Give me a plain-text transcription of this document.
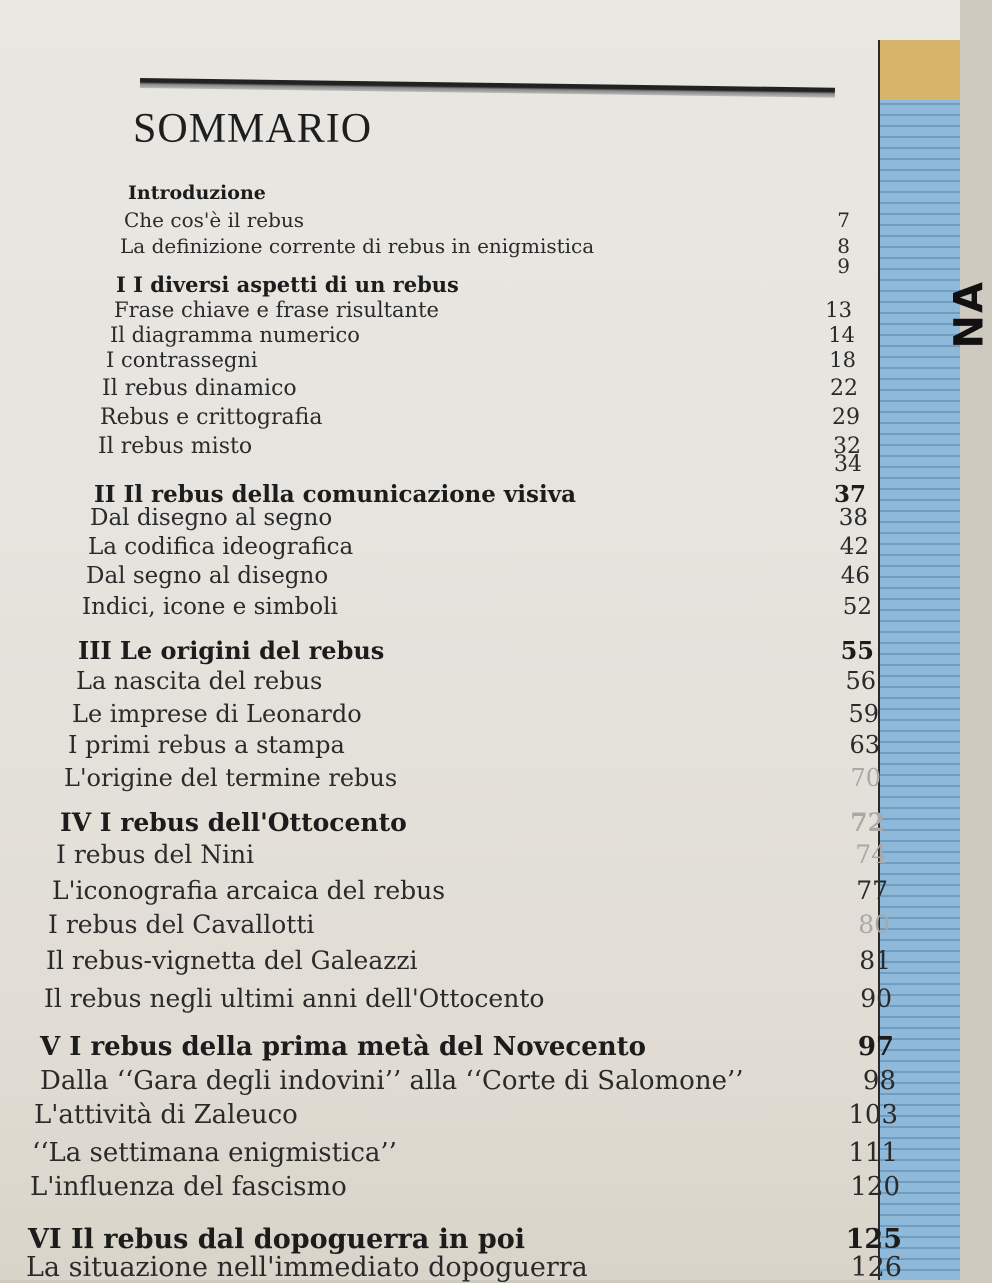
NA
SOMMARIO
Introduzione
Che cos'è il rebus	7
La definizione corrente di rebus in enigmistica	8
9
I I diversi aspetti di un rebus
Frase chiave e frase risultante	13
Il diagramma numerico	14
I contrassegni	18
Il rebus dinamico	22
Rebus e crittografia	29
Il rebus misto	32
34
II Il rebus della comunicazione visiva	37
Dal disegno al segno	38
La codifica ideografica	42
Dal segno al disegno	46
Indici, icone e simboli	52
III Le origini del rebus	55
La nascita del rebus	56
Le imprese di Leonardo	59
I primi rebus a stampa	63
L'origine del termine rebus	70
IV I rebus dell'Ottocento	72
I rebus del Nini	74
L'iconografia arcaica del rebus	77
I rebus del Cavallotti	80
Il rebus-vignetta del Galeazzi	81
Il rebus negli ultimi anni dell'Ottocento	90
V I rebus della prima metà del Novecento	97
Dalla ‘‘Gara degli indovini’’ alla ‘‘Corte di Salomone’’	98
L'attività di Zaleuco	103
‘‘La settimana enigmistica’’	111
L'influenza del fascismo	120
VI Il rebus dal dopoguerra in poi	125
La situazione nell'immediato dopoguerra	126
